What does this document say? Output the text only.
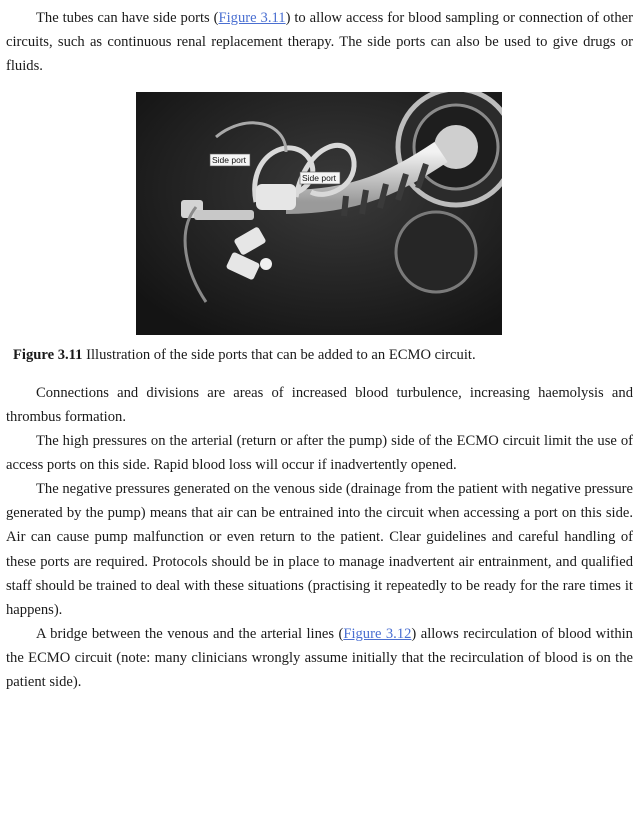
The tubes can have side ports (Figure 3.11) to allow access for blood sampling or connection of other circuits, such as continuous renal replacement therapy. The side ports can also be used to give drugs or fluids.

Side port
Side port

Figure 3.11 Illustration of the side ports that can be added to an ECMO circuit.

Connections and divisions are areas of increased blood turbulence, increasing haemolysis and thrombus formation.

The high pressures on the arterial (return or after the pump) side of the ECMO circuit limit the use of access ports on this side. Rapid blood loss will occur if inadvertently opened.

The negative pressures generated on the venous side (drainage from the patient with negative pressure generated by the pump) means that air can be entrained into the circuit when accessing a port on this side. Air can cause pump malfunction or even return to the patient. Clear guidelines and careful handling of these ports are required. Protocols should be in place to manage inadvertent air entrainment, and qualified staff should be trained to deal with these situations (practising it repeatedly to be ready for the rare times it happens).

A bridge between the venous and the arterial lines (Figure 3.12) allows recirculation of blood within the ECMO circuit (note: many clinicians wrongly assume initially that the recirculation of blood is on the patient side).
